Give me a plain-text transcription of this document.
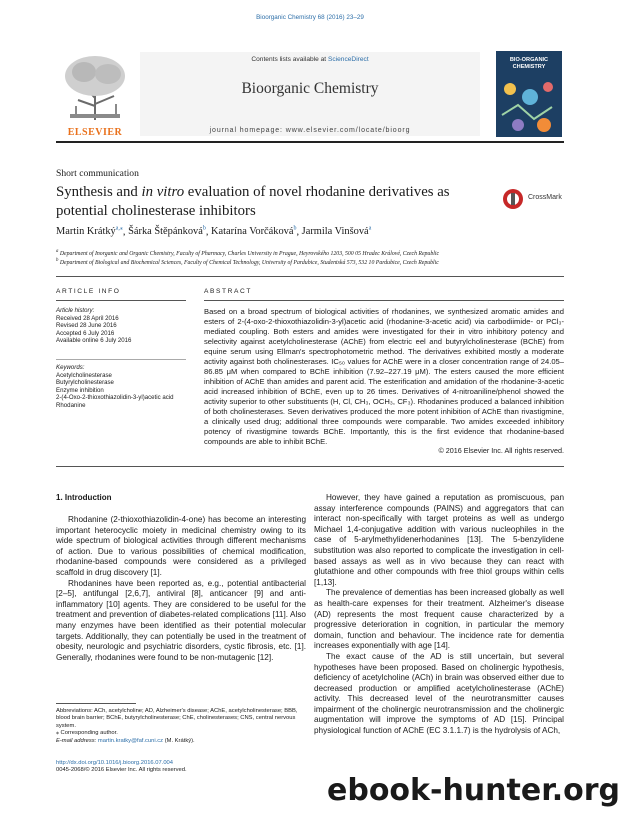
Bioorganic Chemistry 68 (2016) 23–29
ELSEVIER
Contents lists available at ScienceDirect
Bioorganic Chemistry
journal homepage: www.elsevier.com/locate/bioorg
BIO-ORGANIC CHEMISTRY
Short communication
Synthesis and in vitro evaluation of novel rhodanine derivatives as potential cholinesterase inhibitors
CrossMark
Martin Krátký$^{a,⁎}$, Šárka Štěpánková$^b$, Katarína Vorčáková$^b$, Jarmila Vinšová$^a$
$^a$ Department of Inorganic and Organic Chemistry, Faculty of Pharmacy, Charles University in Prague, Heyrovského 1203, 500 05 Hradec Králové, Czech Republic
$^b$ Department of Biological and Biochemical Sciences, Faculty of Chemical Technology, University of Pardubice, Studentská 573, 532 10 Pardubice, Czech Republic
ARTICLE INFO
Article history:
Received 28 April 2016
Revised 28 June 2016
Accepted 6 July 2016
Available online 6 July 2016
Keywords:
Acetylcholinesterase
Butyrylcholinesterase
Enzyme inhibition
2-(4-Oxo-2-thioxothiazolidin-3-yl)acetic acid
Rhodanine
ABSTRACT
Based on a broad spectrum of biological activities of rhodanines, we synthesized aromatic amides and esters of 2-(4-oxo-2-thioxothiazolidin-3-yl)acetic acid (rhodanine-3-acetic acid) via carbodiimide- or PCl₃-mediated coupling. Both esters and amides were investigated for their in vitro inhibitory potency and selectivity against acetylcholinesterase (AChE) from electric eel and butyrylcholinesterase (BChE) from equine serum using Ellman's spectrophotometric method. The derivatives exhibited mostly a moderate activity against both cholinesterases. IC₅₀ values for AChE were in a closer concentration range of 24.05–86.85 μM when compared to BChE inhibition (7.92–227.19 μM). The esters caused the more efficient inhibition of AChE than amides and parent acid. The esterification and amidation of the rhodanine-3-acetic acid increased inhibition of BChE, even up to 26 times. Derivatives of 4-nitroaniline/phenol showed the activity superior to other substituents (H, Cl, CH₃, OCH₃, CF₃). Rhodanines produced a balanced inhibition of both cholinesterases. Seven derivatives produced the more potent inhibition of AChE than rivastigmine, a clinically used drug; additional three compounds were comparable. Two amides exceeded inhibitory potency of rivastigmine towards BChE. Importantly, this is the first evidence that rhodanine-based compounds are able to inhibit BChE.
© 2016 Elsevier Inc. All rights reserved.
1. Introduction

Rhodanine (2-thioxothiazolidin-4-one) has become an interesting important heterocyclic moiety in medicinal chemistry owing to its wide spectrum of biological activities through different mechanisms of action. Due to various possibilities of chemical modification, rhodanine-based compounds were considered as a privileged scaffold in drug discovery [1].

Rhodanines have been reported as, e.g., potential antibacterial [2–5], antifungal [2,6,7], antiviral [8], anticancer [9] and anti-inflammatory [10] agents. They are considered to be useful for the treatment and prevention of diabetes-related complications [11]. Also many enzymes have been identified as their potential molecular targets. Additionally, they can potentially be used in the treatment of obesity, neurologic and psychiatric disorders, cystic fibrosis, etc. [1]. Generally, rhodanines were found to be non-mutagenic [12].

However, they have gained a reputation as promiscuous, pan assay interference compounds (PAINS) and aggregators that can interact non-specifically with target proteins as well as undergo Michael 1,4-conjugative addition with various nucleophiles in the case of 5-arylmethylidenerhodanines [13]. The 5-benzylidene substitution was also reported to complicate the investigation in cell-based assays as well as in vivo because they can react with glutathione and other compounds with free thiol groups within cells [1,13].

The prevalence of dementias has been increased globally as well as health-care expenses for their treatment. Alzheimer's disease (AD) represents the most frequent cause characterized by a progressive deterioration in cognition, in particular the memory domain, function and behaviour. The incidence rate for dementia increases exponentially with age [14].

The exact cause of the AD is still uncertain, but several hypotheses have been proposed. Based on cholinergic hypothesis, deficiency of acetylcholine (ACh) in brain was observed either due to decreased production or amplified acetylcholinesterase (AChE) activity. This decreased level of the neurotransmitter causes impairment of the cholinergic neurotransmission and the cholinergic augmentation will improve the symptoms of AD [15]. Principal physiological function of AChE (EC 3.1.1.7) is the hydrolysis of ACh,

Abbreviations: ACh, acetylcholine; AD, Alzheimer's disease; AChE, acetylcholinesterase; BBB, blood brain barrier; BChE, butyrylcholinesterase; ChE, cholinesterases; CNS, central nervous system.
⁎ Corresponding author.
E-mail address: martin.kratky@faf.cuni.cz (M. Krátký).
http://dx.doi.org/10.1016/j.bioorg.2016.07.004
0045-2068/© 2016 Elsevier Inc. All rights reserved.
ebook-hunter.org
